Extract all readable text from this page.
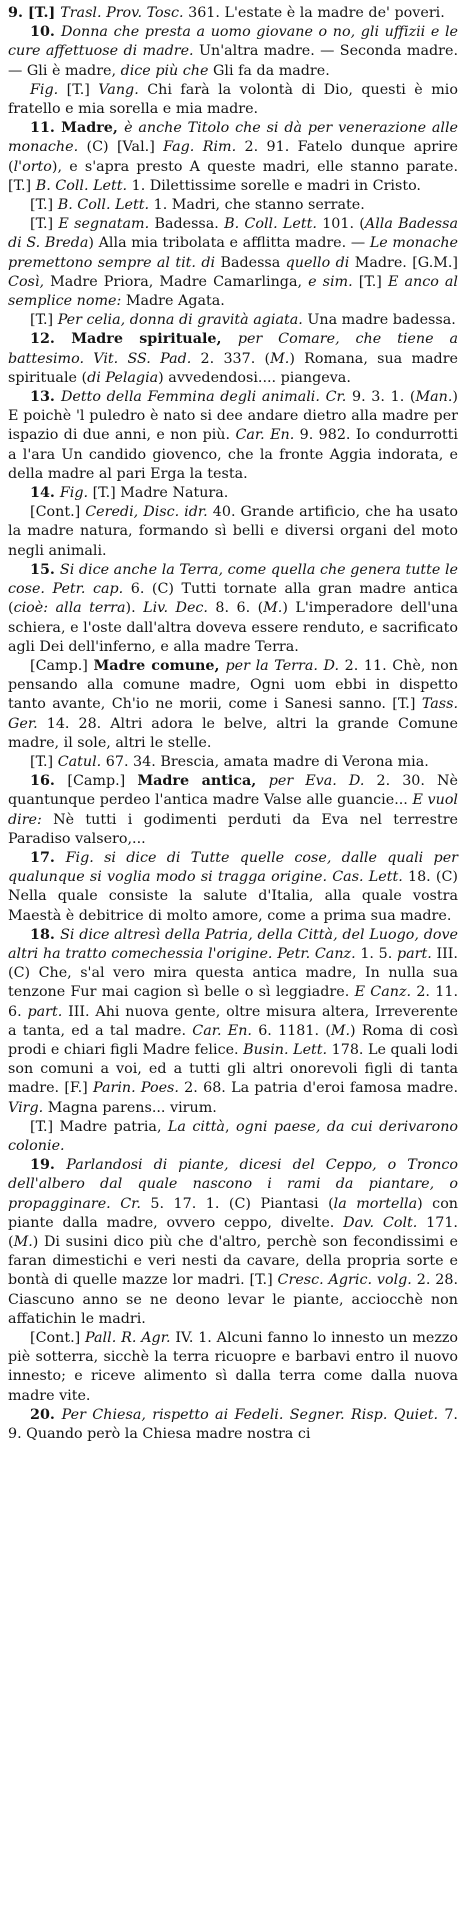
9. [T.] Trasl. Prov. Tosc. 361. L'estate è la madre de' poveri.

10. Donna che presta a uomo giovane o no, gli uffizii e le cure affettuose di madre. Un'altra madre. — Seconda madre. — Gli è madre, dice più che Gli fa da madre.

Fig. [T.] Vang. Chi farà la volontà di Dio, questi è mio fratello e mia sorella e mia madre.

11. Madre, è anche Titolo che si dà per venerazione alle monache. (C) [Val.] Fag. Rim. 2. 91. Fatelo dunque aprire (l'orto), e s'apra presto A queste madri, elle stanno parate. [T.] B. Coll. Lett. 1. Dilettissime sorelle e madri in Cristo.

[T.] B. Coll. Lett. 1. Madri, che stanno serrate.

[T.] E segnatam. Badessa. B. Coll. Lett. 101. (Alla Badessa di S. Breda) Alla mia tribolata e afflitta madre. — Le monache premettono sempre al tit. di Badessa quello di Madre. [G.M.] Così, Madre Priora, Madre Camarlinga, e sim. [T.] E anco al semplice nome: Madre Agata.

[T.] Per celia, donna di gravità agiata. Una madre badessa.

12. Madre spirituale, per Comare, che tiene a battesimo. Vit. SS. Pad. 2. 337. (M.) Romana, sua madre spirituale (di Pelagia) avvedendosi.... piangeva.

13. Detto della Femmina degli animali. Cr. 9. 3. 1. (Man.) E poichè 'l puledro è nato si dee andare dietro alla madre per ispazio di due anni, e non più. Car. En. 9. 982. Io condurrotti a l'ara Un candido giovenco, che la fronte Aggia indorata, e della madre al pari Erga la testa.

14. Fig. [T.] Madre Natura.

[Cont.] Ceredi, Disc. idr. 40. Grande artificio, che ha usato la madre natura, formando sì belli e diversi organi del moto negli animali.

15. Si dice anche la Terra, come quella che genera tutte le cose. Petr. cap. 6. (C) Tutti tornate alla gran madre antica (cioè: alla terra). Liv. Dec. 8. 6. (M.) L'imperadore dell'una schiera, e l'oste dall'altra doveva essere renduto, e sacrificato agli Dei dell'inferno, e alla madre Terra.

[Camp.] Madre comune, per la Terra. D. 2. 11. Chè, non pensando alla comune madre, Ogni uom ebbi in dispetto tanto avante, Ch'io ne morii, come i Sanesi sanno. [T.] Tass. Ger. 14. 28. Altri adora le belve, altri la grande Comune madre, il sole, altri le stelle.

[T.] Catul. 67. 34. Brescia, amata madre di Verona mia.

16. [Camp.] Madre antica, per Eva. D. 2. 30. Nè quantunque perdeo l'antica madre Valse alle guancie... E vuol dire: Nè tutti i godimenti perduti da Eva nel terrestre Paradiso valsero,...

17. Fig. si dice di Tutte quelle cose, dalle quali per qualunque si voglia modo si tragga origine. Cas. Lett. 18. (C) Nella quale consiste la salute d'Italia, alla quale vostra Maestà è debitrice di molto amore, come a prima sua madre.

18. Si dice altresì della Patria, della Città, del Luogo, dove altri ha tratto comechessia l'origine. Petr. Canz. 1. 5. part. III. (C) Che, s'al vero mira questa antica madre, In nulla sua tenzone Fur mai cagion sì belle o sì leggiadre. E Canz. 2. 11. 6. part. III. Ahi nuova gente, oltre misura altera, Irreverente a tanta, ed a tal madre. Car. En. 6. 1181. (M.) Roma di così prodi e chiari figli Madre felice. Busin. Lett. 178. Le quali lodi son comuni a voi, ed a tutti gli altri onorevoli figli di tanta madre. [F.] Parin. Poes. 2. 68. La patria d'eroi famosa madre. Virg. Magna parens... virum.

[T.] Madre patria, La città, ogni paese, da cui derivarono colonie.

19. Parlandosi di piante, dicesi del Ceppo, o Tronco dell'albero dal quale nascono i rami da piantare, o propagginare. Cr. 5. 17. 1. (C) Piantasi (la mortella) con piante dalla madre, ovvero ceppo, divelte. Dav. Colt. 171. (M.) Di susini dico più che d'altro, perchè son fecondissimi e faran dimestichi e veri nesti da cavare, della propria sorte e bontà di quelle mazze lor madri. [T.] Cresc. Agric. volg. 2. 28. Ciascuno anno se ne deono levar le piante, acciocchè non affatichin le madri.

[Cont.] Pall. R. Agr. IV. 1. Alcuni fanno lo innesto un mezzo piè sotterra, sicchè la terra ricuopre e barbavi entro il nuovo innesto; e riceve alimento sì dalla terra come dalla nuova madre vite.

20. Per Chiesa, rispetto ai Fedeli. Segner. Risp. Quiet. 7. 9. Quando però la Chiesa madre nostra ci
